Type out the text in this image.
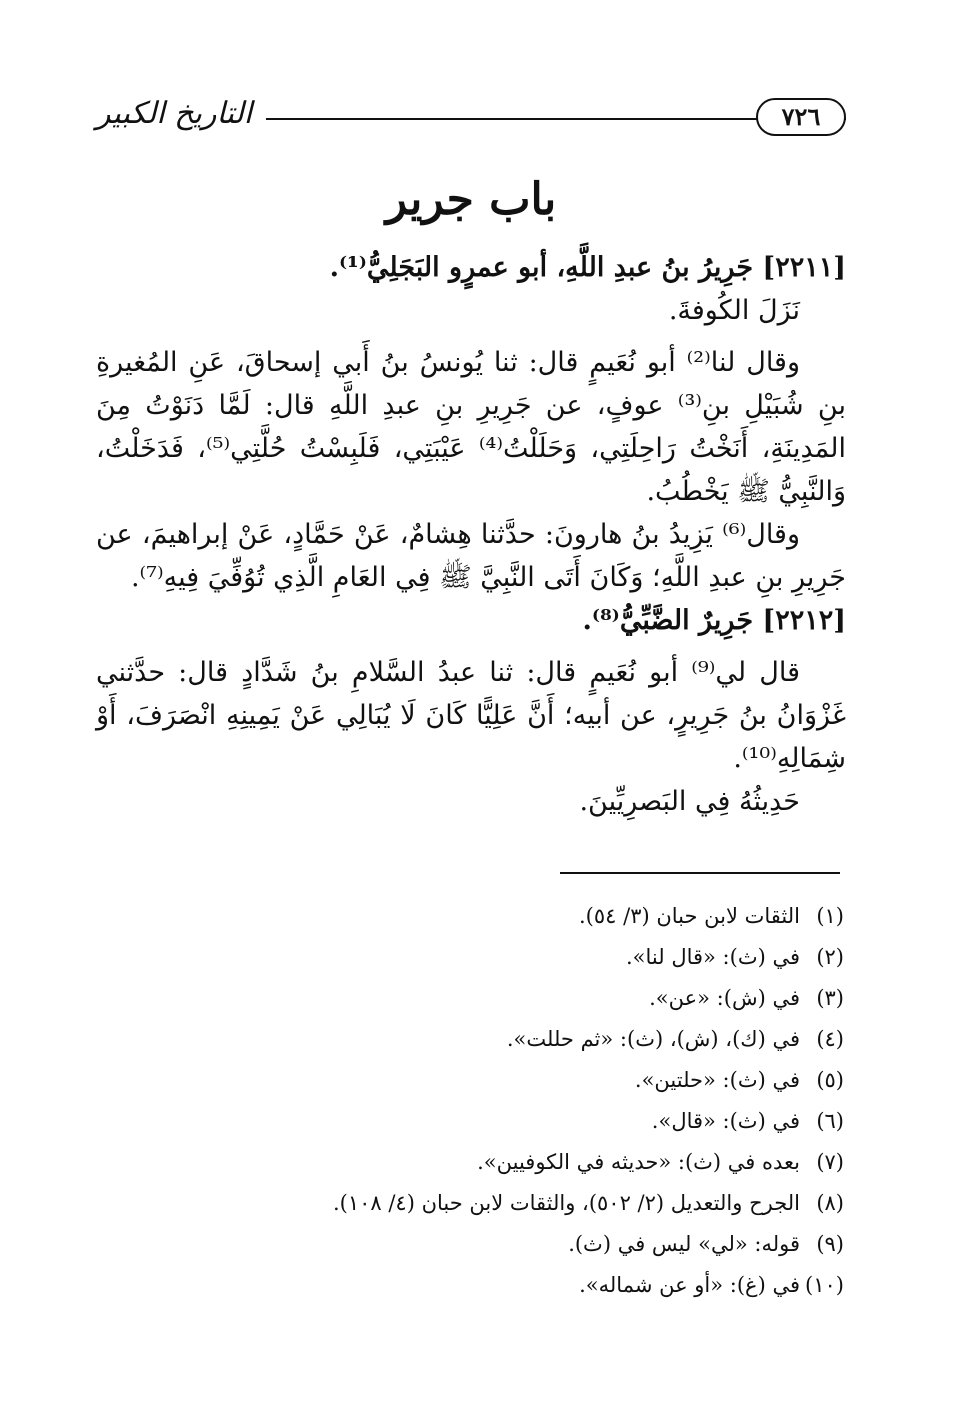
٧٢٦
التاريخ الكبير
باب جرير

[٢٢١١] جَرِيرُ بنُ عبدِ اللَّهِ، أبو عمرٍو البَجَلِيُّ⁽¹⁾.

نَزَلَ الكُوفةَ.

وقال لنا⁽²⁾ أبو نُعَيمٍ قال: ثنا يُونسُ بنُ أَبي إسحاقَ، عَنِ المُغيرةِ بنِ شُبَيْلِ بنِ⁽³⁾ عوفٍ، عن جَرِيرِ بنِ عبدِ اللَّهِ قال: لَمَّا دَنَوْتُ مِنَ المَدِينَةِ، أَنَخْتُ رَاحِلَتِي، وَحَلَلْتُ⁽⁴⁾ عَيْبَتِي، فَلَبِسْتُ حُلَّتِي⁽⁵⁾، فَدَخَلْتُ، وَالنَّبِيُّ ﷺ يَخْطُبُ.

وقال⁽⁶⁾ يَزِيدُ بنُ هارونَ: حدَّثنا هِشامٌ، عَنْ حَمَّادٍ، عَنْ إبراهيمَ، عن جَرِيرِ بنِ عبدِ اللَّهِ؛ وَكَانَ أَتَى النَّبِيَّ ﷺ فِي العَامِ الَّذِي تُوُفِّيَ فِيهِ⁽⁷⁾.

[٢٢١٢] جَرِيرٌ الضَّبِّيُّ⁽⁸⁾.

قال لي⁽⁹⁾ أبو نُعَيمٍ قال: ثنا عبدُ السَّلامِ بنُ شَدَّادٍ قال: حدَّثني غَزْوَانُ بنُ جَرِيرٍ، عن أبيه؛ أَنَّ عَلِيًّا كَانَ لَا يُبَالِي عَنْ يَمِينِهِ انْصَرَفَ، أَوْ شِمَالِهِ⁽¹⁰⁾.

حَدِيثُهُ فِي البَصرِيِّينَ.

(١)الثقات لابن حبان (٣/ ٥٤).

(٢)في (ث): «قال لنا».

(٣)في (ش): «عن».

(٤)في (ك)، (ش)، (ث): «ثم حللت».

(٥)في (ث): «حلتين».

(٦)في (ث): «قال».

(٧)بعده في (ث): «حديثه في الكوفيين».

(٨)الجرح والتعديل (٢/ ٥٠٢)، والثقات لابن حبان (٤/ ١٠٨).

(٩)قوله: «لي» ليس في (ث).

(١٠)في (غ): «أو عن شماله».
